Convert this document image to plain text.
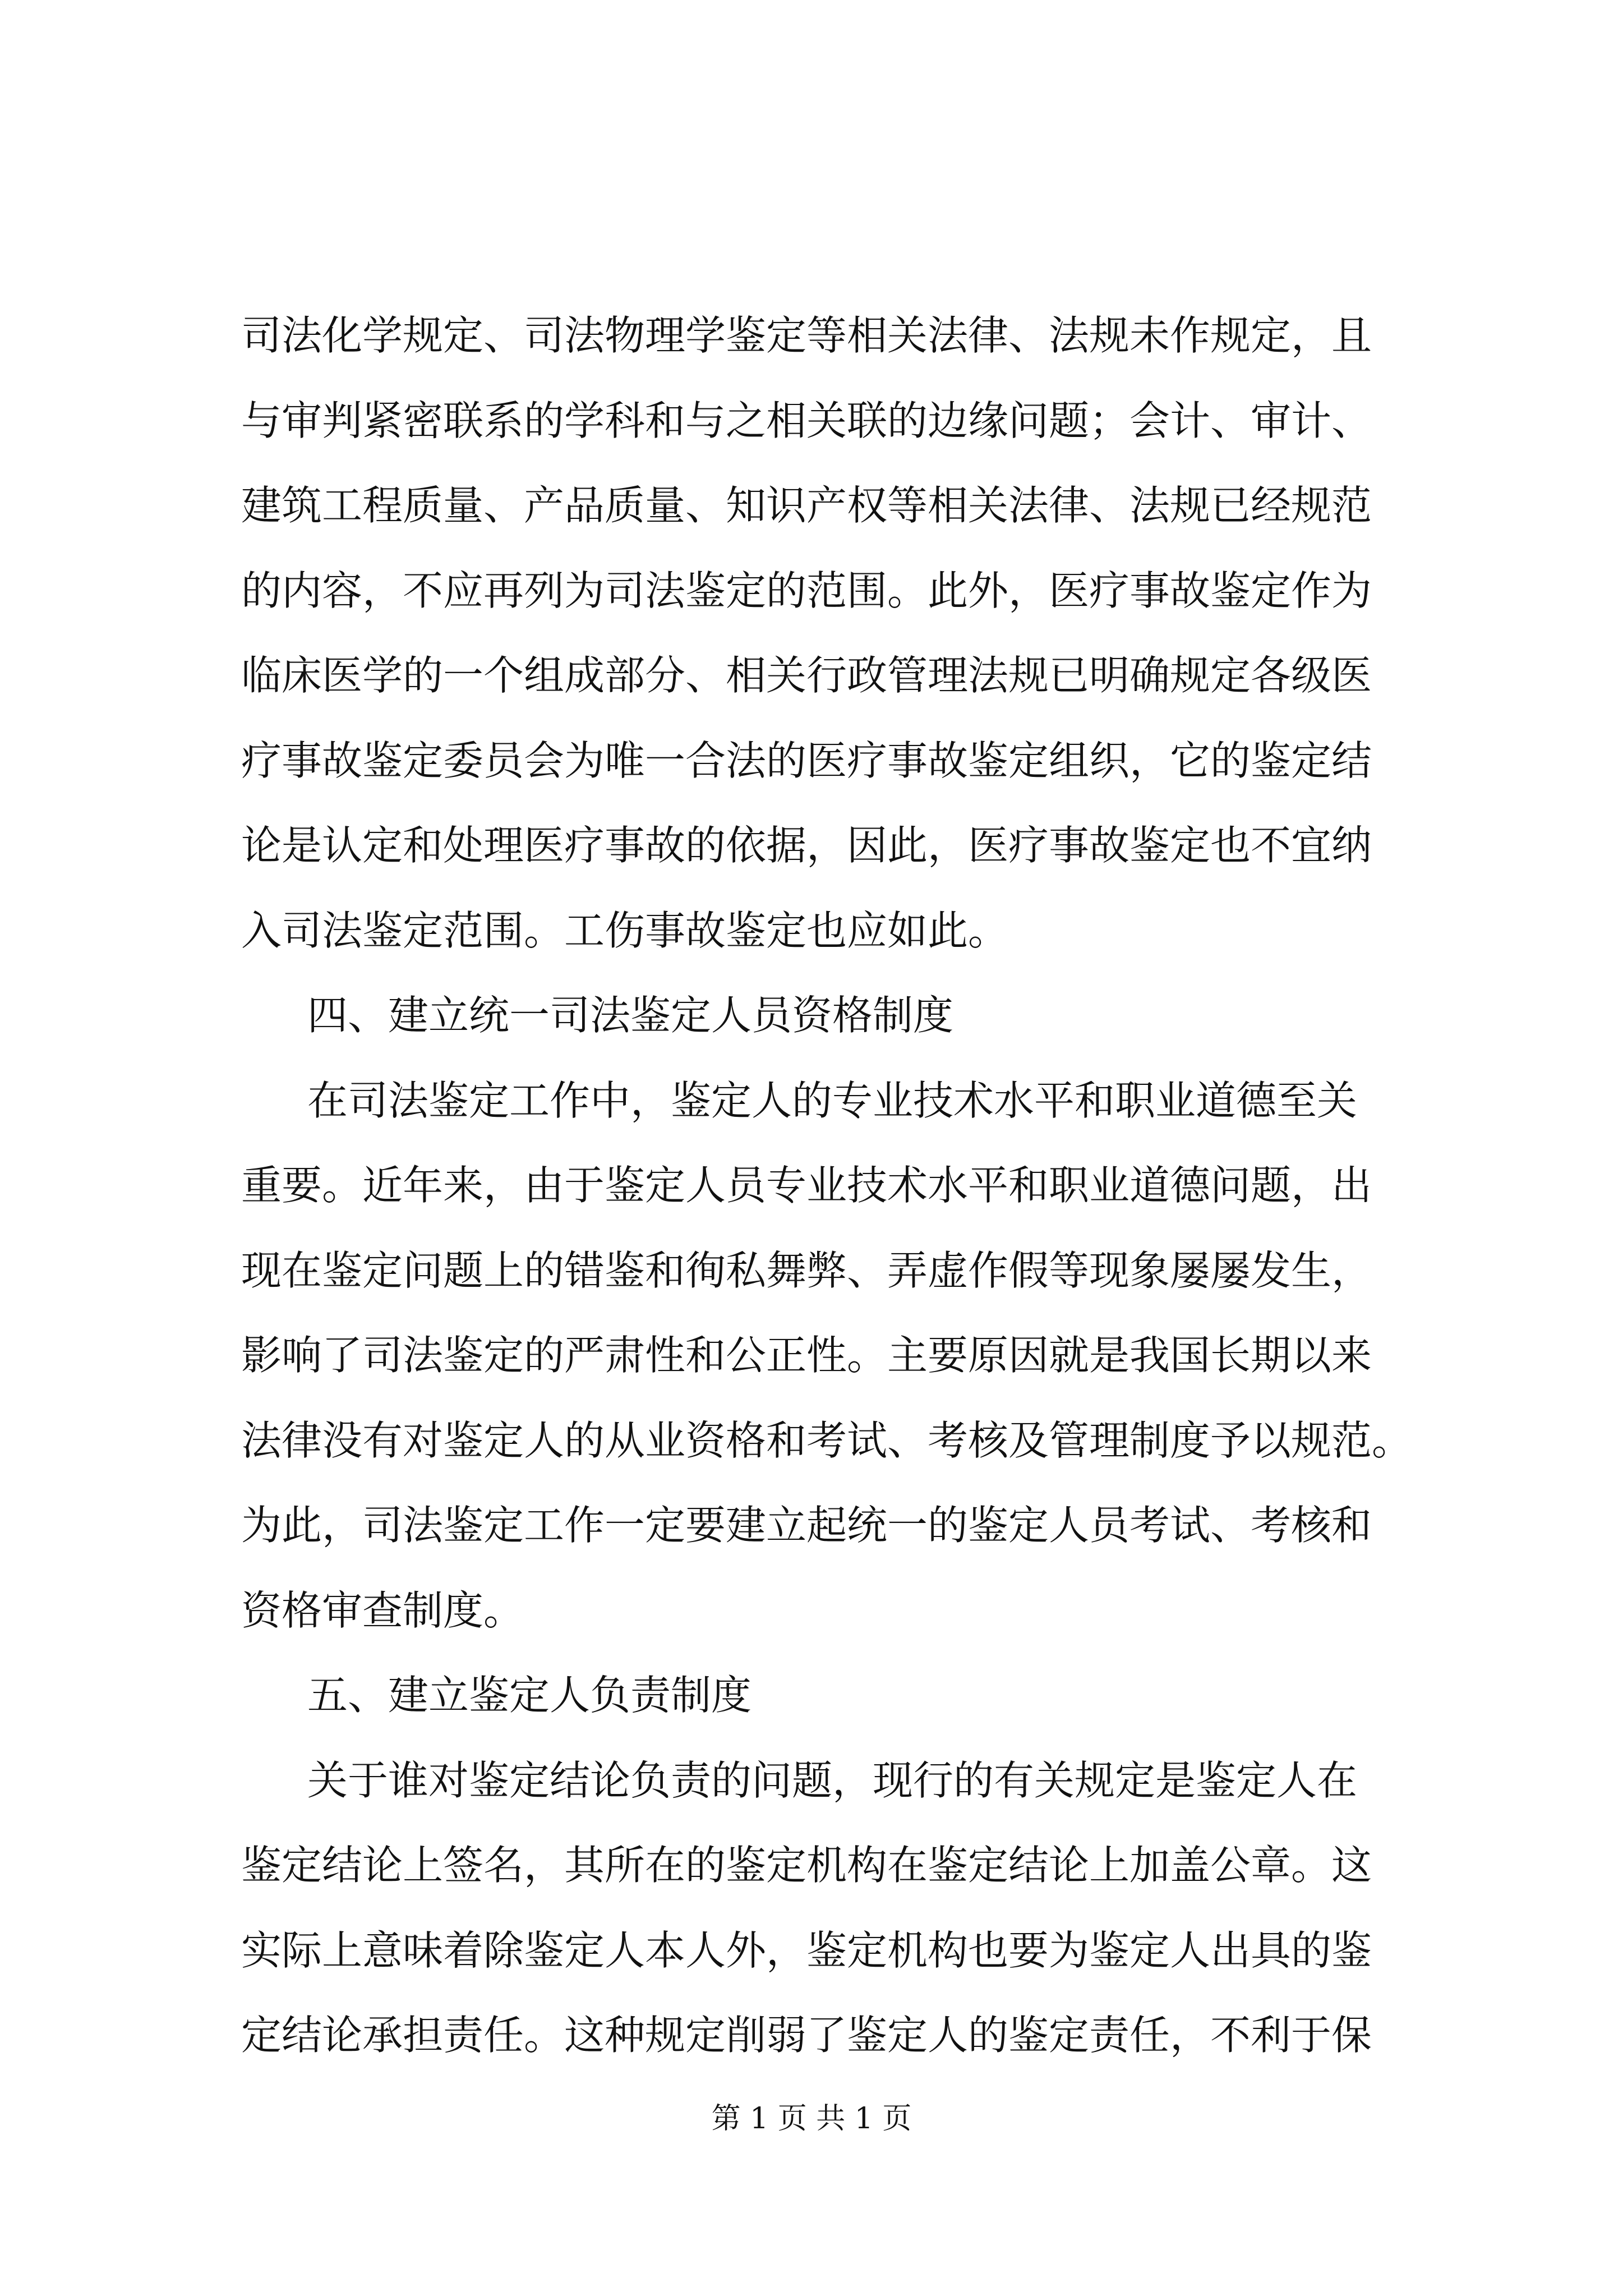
司法化学规定、司法物理学鉴定等相关法律、法规未作规定，且
与审判紧密联系的学科和与之相关联的边缘问题；会计、审计、
建筑工程质量、产品质量、知识产权等相关法律、法规已经规范
的内容，不应再列为司法鉴定的范围。此外，医疗事故鉴定作为
临床医学的一个组成部分、相关行政管理法规已明确规定各级医
疗事故鉴定委员会为唯一合法的医疗事故鉴定组织，它的鉴定结
论是认定和处理医疗事故的依据，因此，医疗事故鉴定也不宜纳
入司法鉴定范围。工伤事故鉴定也应如此。
四、建立统一司法鉴定人员资格制度
在司法鉴定工作中，鉴定人的专业技术水平和职业道德至关
重要。近年来，由于鉴定人员专业技术水平和职业道德问题，出
现在鉴定问题上的错鉴和徇私舞弊、弄虚作假等现象屡屡发生，
影响了司法鉴定的严肃性和公正性。主要原因就是我国长期以来
法律没有对鉴定人的从业资格和考试、考核及管理制度予以规范。
为此，司法鉴定工作一定要建立起统一的鉴定人员考试、考核和
资格审查制度。
五、建立鉴定人负责制度
关于谁对鉴定结论负责的问题，现行的有关规定是鉴定人在
鉴定结论上签名，其所在的鉴定机构在鉴定结论上加盖公章。这
实际上意味着除鉴定人本人外，鉴定机构也要为鉴定人出具的鉴
定结论承担责任。这种规定削弱了鉴定人的鉴定责任，不利于保
第 1 页 共 1 页
